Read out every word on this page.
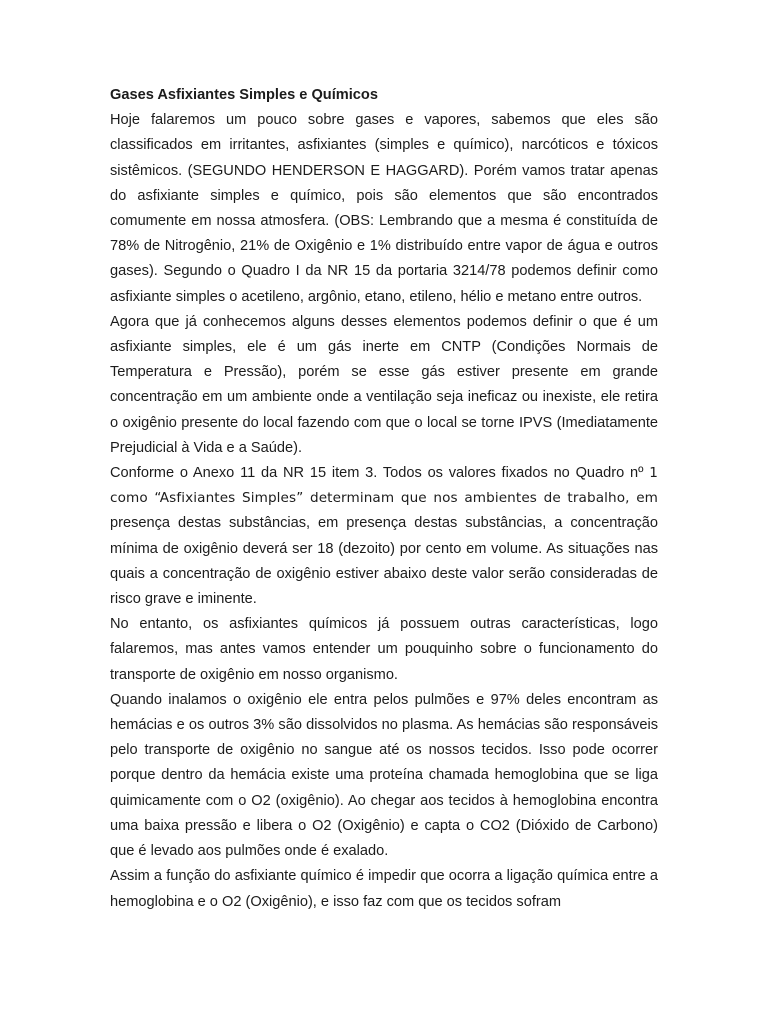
Gases Asfixiantes Simples e Químicos

Hoje falaremos um pouco sobre gases e vapores, sabemos que eles são classificados em irritantes, asfixiantes (simples e químico), narcóticos e tóxicos sistêmicos. (SEGUNDO HENDERSON E HAGGARD). Porém vamos tratar apenas do asfixiante simples e químico, pois são elementos que são encontrados comumente em nossa atmosfera. (OBS: Lembrando que a mesma é constituída de 78% de Nitrogênio, 21% de Oxigênio e 1% distribuído entre vapor de água e outros gases). Segundo o Quadro I da NR 15 da portaria 3214/78 podemos definir como asfixiante simples o acetileno, argônio, etano, etileno, hélio e metano entre outros.

Agora que já conhecemos alguns desses elementos podemos definir o que é um asfixiante simples, ele é um gás inerte em CNTP (Condições Normais de Temperatura e Pressão), porém se esse gás estiver presente em grande concentração em um ambiente onde a ventilação seja ineficaz ou inexiste, ele retira o oxigênio presente do local fazendo com que o local se torne IPVS (Imediatamente Prejudicial à Vida e a Saúde).

Conforme o Anexo 11 da NR 15 item 3. Todos os valores fixados no Quadro nº 1 como “Asfixiantes Simples” determinam que nos ambientes de trabalho, em presença destas substâncias, em presença destas substâncias, a concentração mínima de oxigênio deverá ser 18 (dezoito) por cento em volume. As situações nas quais a concentração de oxigênio estiver abaixo deste valor serão consideradas de risco grave e iminente.

No entanto, os asfixiantes químicos já possuem outras características, logo falaremos, mas antes vamos entender um pouquinho sobre o funcionamento do transporte de oxigênio em nosso organismo.

Quando inalamos o oxigênio ele entra pelos pulmões e 97% deles encontram as hemácias e os outros 3% são dissolvidos no plasma. As hemácias são responsáveis pelo transporte de oxigênio no sangue até os nossos tecidos. Isso pode ocorrer porque dentro da hemácia existe uma proteína chamada hemoglobina que se liga quimicamente com o O2 (oxigênio). Ao chegar aos tecidos à hemoglobina encontra uma baixa pressão e libera o O2 (Oxigênio) e capta o CO2 (Dióxido de Carbono) que é levado aos pulmões onde é exalado.

Assim a função do asfixiante químico é impedir que ocorra a ligação química entre a hemoglobina e o O2 (Oxigênio), e isso faz com que os tecidos sofram
